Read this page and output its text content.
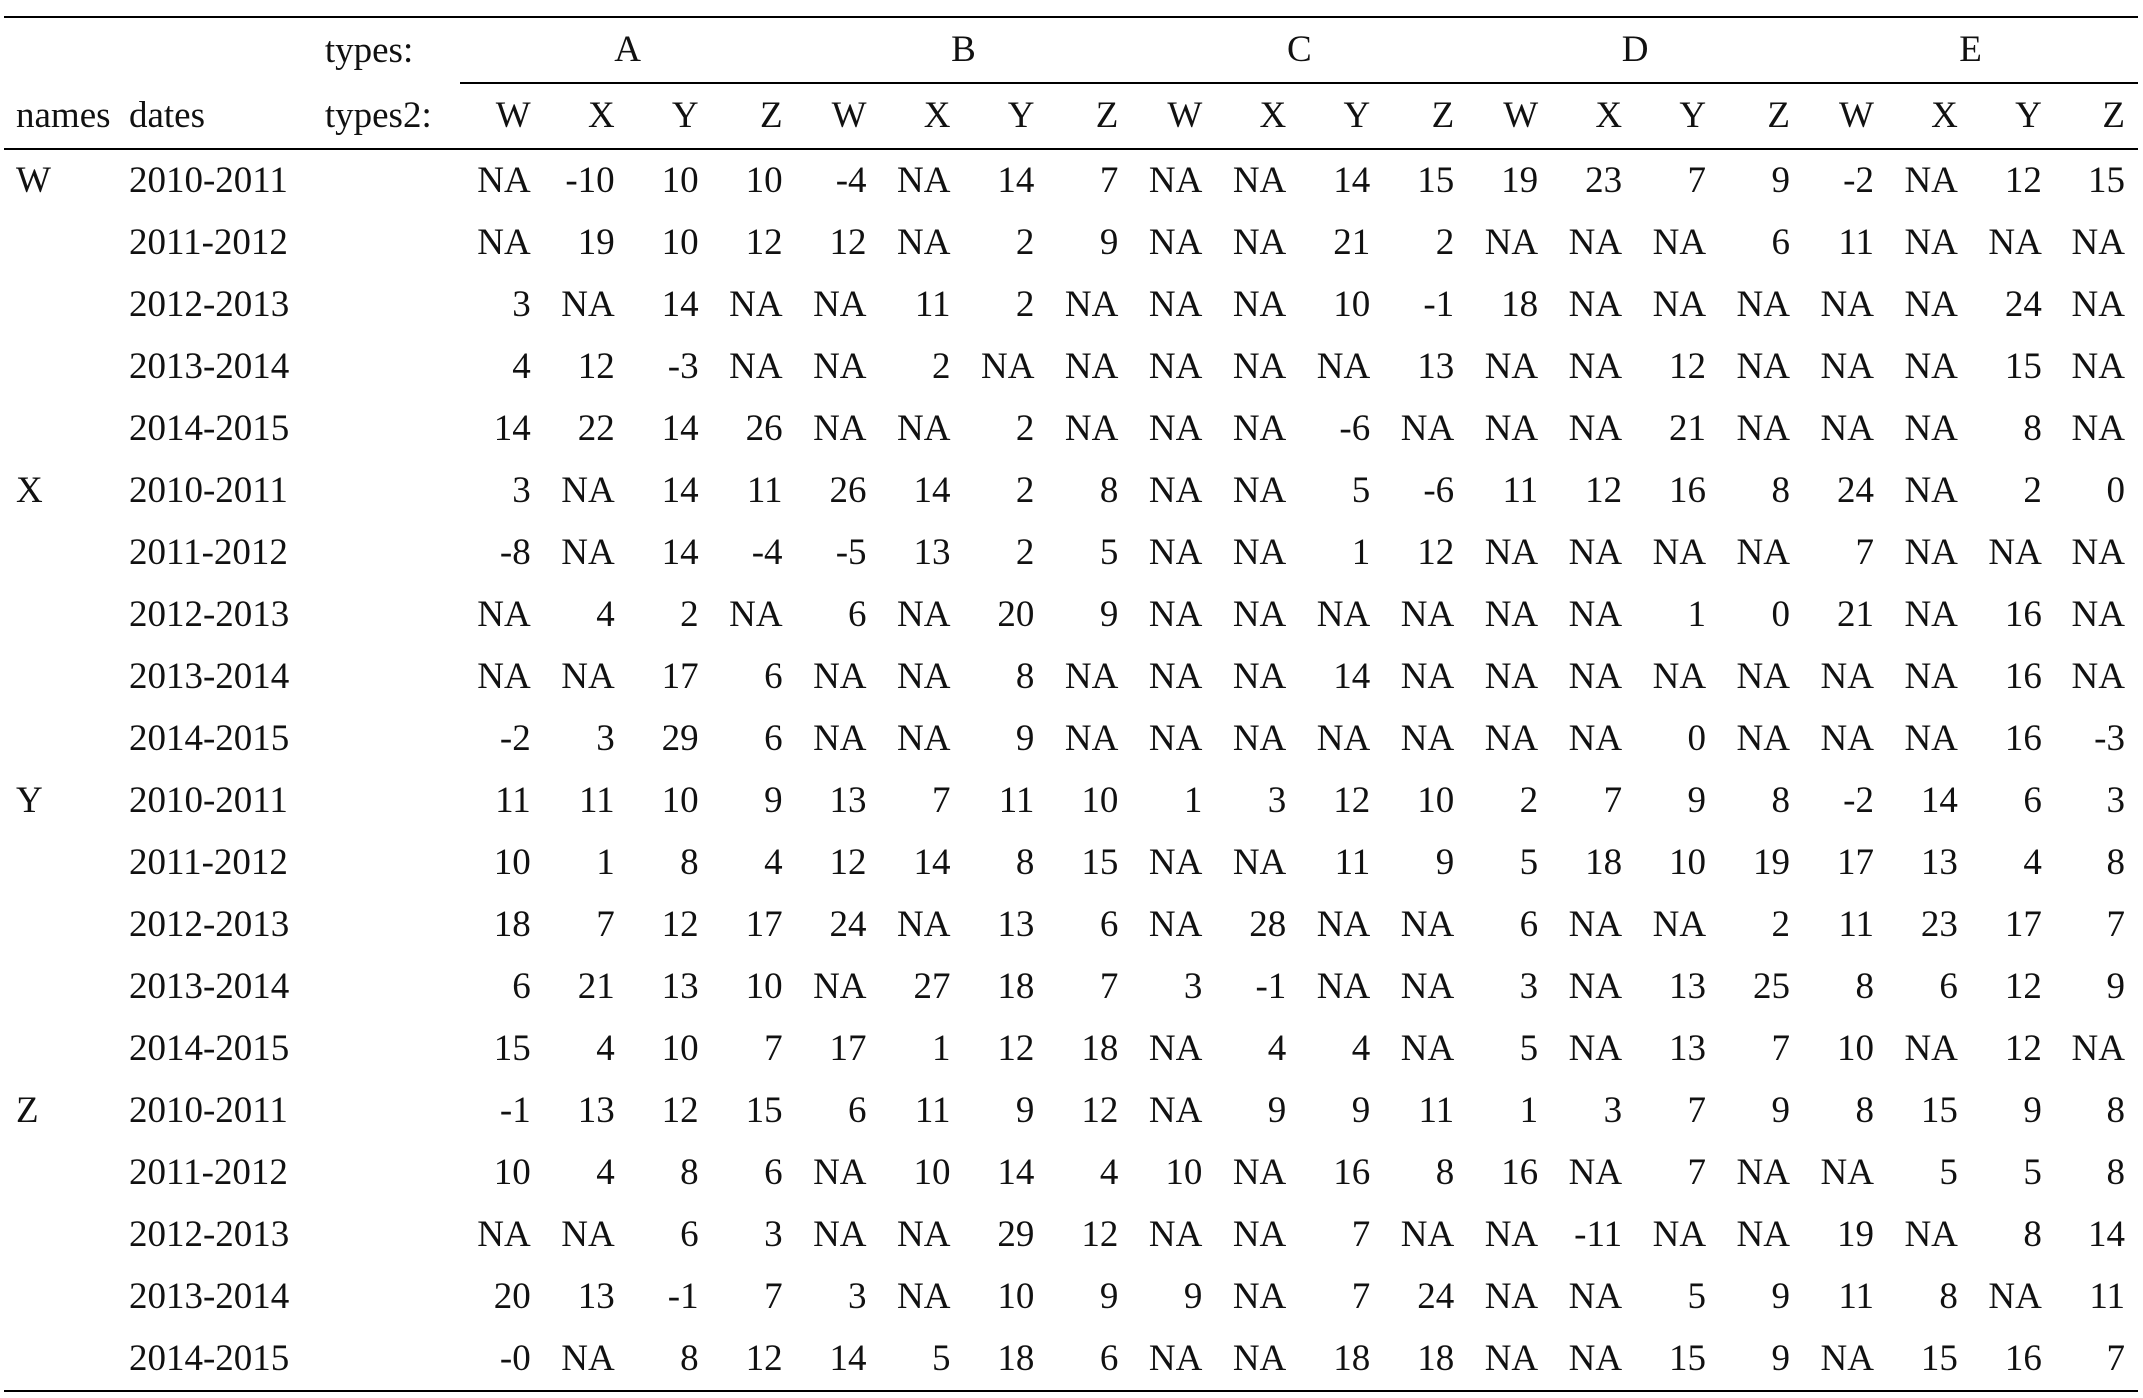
		types:	A				B				C				D				E			
names	dates	types2:	W	X	Y	Z	W	X	Y	Z	W	X	Y	Z	W	X	Y	Z	W	X	Y	Z
W	2010-2011		NA	-10	10	10	-4	NA	14	7	NA	NA	14	15	19	23	7	9	-2	NA	12	15
	2011-2012		NA	19	10	12	12	NA	2	9	NA	NA	21	2	NA	NA	NA	6	11	NA	NA	NA
	2012-2013		3	NA	14	NA	NA	11	2	NA	NA	NA	10	-1	18	NA	NA	NA	NA	NA	24	NA
	2013-2014		4	12	-3	NA	NA	2	NA	NA	NA	NA	NA	13	NA	NA	12	NA	NA	NA	15	NA
	2014-2015		14	22	14	26	NA	NA	2	NA	NA	NA	-6	NA	NA	NA	21	NA	NA	NA	8	NA
X	2010-2011		3	NA	14	11	26	14	2	8	NA	NA	5	-6	11	12	16	8	24	NA	2	0
	2011-2012		-8	NA	14	-4	-5	13	2	5	NA	NA	1	12	NA	NA	NA	NA	7	NA	NA	NA
	2012-2013		NA	4	2	NA	6	NA	20	9	NA	NA	NA	NA	NA	NA	1	0	21	NA	16	NA
	2013-2014		NA	NA	17	6	NA	NA	8	NA	NA	NA	14	NA	NA	NA	NA	NA	NA	NA	16	NA
	2014-2015		-2	3	29	6	NA	NA	9	NA	NA	NA	NA	NA	NA	NA	0	NA	NA	NA	16	-3
Y	2010-2011		11	11	10	9	13	7	11	10	1	3	12	10	2	7	9	8	-2	14	6	3
	2011-2012		10	1	8	4	12	14	8	15	NA	NA	11	9	5	18	10	19	17	13	4	8
	2012-2013		18	7	12	17	24	NA	13	6	NA	28	NA	NA	6	NA	NA	2	11	23	17	7
	2013-2014		6	21	13	10	NA	27	18	7	3	-1	NA	NA	3	NA	13	25	8	6	12	9
	2014-2015		15	4	10	7	17	1	12	18	NA	4	4	NA	5	NA	13	7	10	NA	12	NA
Z	2010-2011		-1	13	12	15	6	11	9	12	NA	9	9	11	1	3	7	9	8	15	9	8
	2011-2012		10	4	8	6	NA	10	14	4	10	NA	16	8	16	NA	7	NA	NA	5	5	8
	2012-2013		NA	NA	6	3	NA	NA	29	12	NA	NA	7	NA	NA	-11	NA	NA	19	NA	8	14
	2013-2014		20	13	-1	7	3	NA	10	9	9	NA	7	24	NA	NA	5	9	11	8	NA	11
	2014-2015		-0	NA	8	12	14	5	18	6	NA	NA	18	18	NA	NA	15	9	NA	15	16	7
